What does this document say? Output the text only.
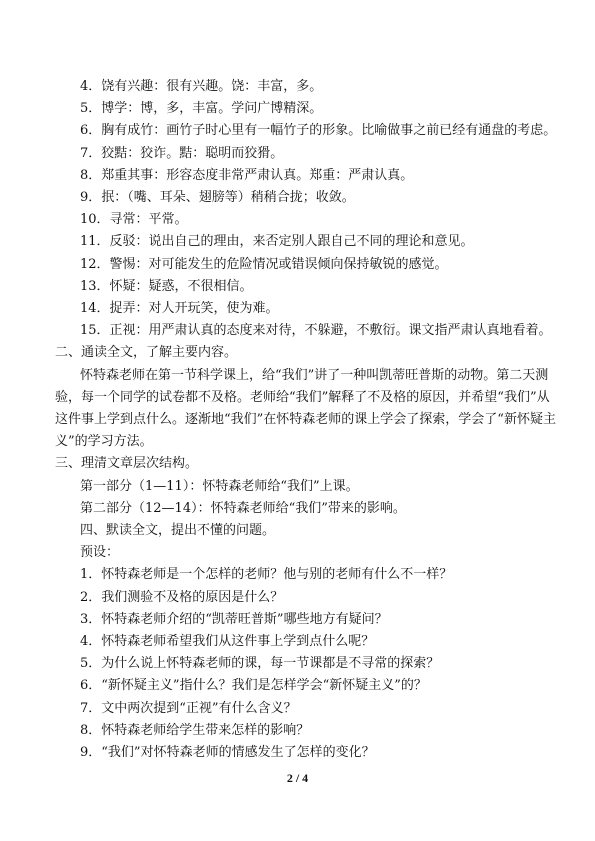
4．饶有兴趣：很有兴趣。饶：丰富，多。
5．博学：博，多，丰富。学问广博精深。
6．胸有成竹：画竹子时心里有一幅竹子的形象。比喻做事之前已经有通盘的考虑。
7．狡黠：狡诈。黠：聪明而狡猾。
8．郑重其事：形容态度非常严肃认真。郑重：严肃认真。
9．抿：（嘴、耳朵、翅膀等）稍稍合拢；收敛。
10．寻常：平常。
11．反驳：说出自己的理由，来否定别人跟自己不同的理论和意见。
12．警惕：对可能发生的危险情况或错误倾向保持敏锐的感觉。
13．怀疑：疑惑，不很相信。
14．捉弄：对人开玩笑，使为难。
15．正视：用严肃认真的态度来对待，不躲避，不敷衍。课文指严肃认真地看着。
二、通读全文，了解主要内容。
怀特森老师在第一节科学课上，给“我们”讲了一种叫凯蒂旺普斯的动物。第二天测
验，每一个同学的试卷都不及格。老师给“我们”解释了不及格的原因，并希望“我们”从
这件事上学到点什么。逐渐地“我们”在怀特森老师的课上学会了探索，学会了“新怀疑主
义”的学习方法。
三、理清文章层次结构。
第一部分（1—11）：怀特森老师给“我们”上课。
第二部分（12—14）：怀特森老师给“我们”带来的影响。
四、默读全文，提出不懂的问题。
预设：
1．怀特森老师是一个怎样的老师？他与别的老师有什么不一样？
2．我们测验不及格的原因是什么？
3．怀特森老师介绍的“凯蒂旺普斯”哪些地方有疑问？
4．怀特森老师希望我们从这件事上学到点什么呢？
5．为什么说上怀特森老师的课，每一节课都是不寻常的探索？
6．“新怀疑主义”指什么？我们是怎样学会“新怀疑主义”的？
7．文中两次提到“正视”有什么含义？
8．怀特森老师给学生带来怎样的影响？
9．“我们”对怀特森老师的情感发生了怎样的变化？
2 / 4
